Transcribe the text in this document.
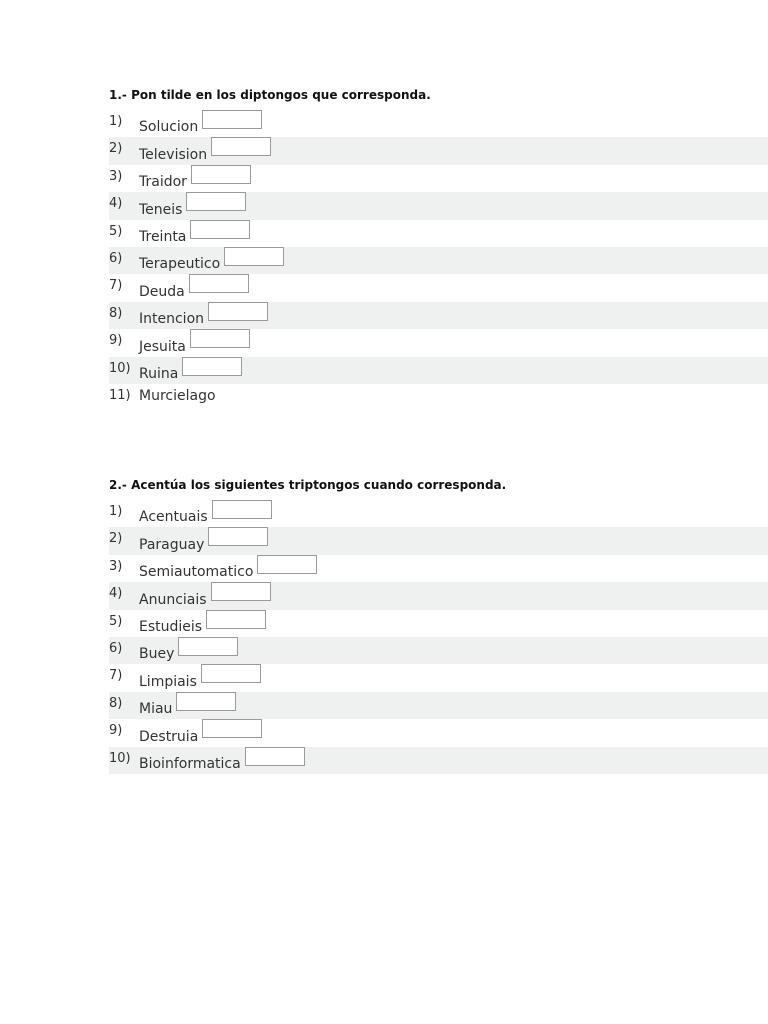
1.- Pon tilde en los diptongos que corresponda.

1)	Solucion
2)	Television
3)	Traidor
4)	Teneis
5)	Treinta
6)	Terapeutico
7)	Deuda
8)	Intencion
9)	Jesuita
10) Ruina
11) Murcielago

2.- Acentúa los siguientes triptongos cuando corresponda.

1)	Acentuais
2)	Paraguay
3)	Semiautomatico
4)	Anunciais
5)	Estudieis
6)	Buey
7)	Limpiais
8)	Miau
9)	Destruia
10) Bioinformatica
